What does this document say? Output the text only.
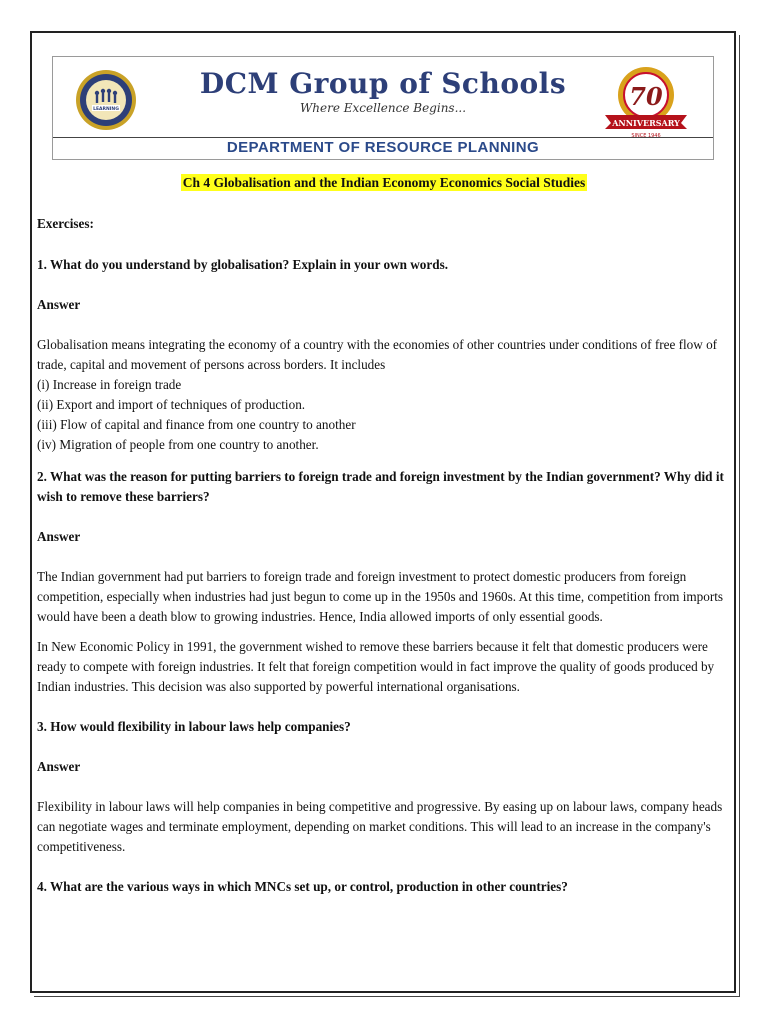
LEARNING
DCM Group of Schools
Where Excellence Begins...	70
ANNIVERSARY
SINCE 1946
DEPARTMENT OF RESOURCE PLANNING
Ch 4 Globalisation and the Indian Economy Economics Social Studies

Exercises:

1. What do you understand by globalisation? Explain in your own words.

Answer

Globalisation means integrating the economy of a country with the economies of other countries under conditions of free flow of trade, capital and movement of persons across borders. It includes

(i) Increase in foreign trade

(ii) Export and import of techniques of production.

(iii) Flow of capital and finance from one country to another

(iv) Migration of people from one country to another.

2. What was the reason for putting barriers to foreign trade and foreign investment by the Indian government? Why did it wish to remove these barriers?

Answer

The Indian government had put barriers to foreign trade and foreign investment to protect domestic producers from foreign competition, especially when industries had just begun to come up in the 1950s and 1960s. At this time, competition from imports would have been a death blow to growing industries. Hence, India allowed imports of only essential goods.

In New Economic Policy in 1991, the government wished to remove these barriers because it felt that domestic producers were ready to compete with foreign industries. It felt that foreign competition would in fact improve the quality of goods produced by Indian industries. This decision was also supported by powerful international organisations.

3. How would flexibility in labour laws help companies?

Answer

Flexibility in labour laws will help companies in being competitive and progressive. By easing up on labour laws, company heads can negotiate wages and terminate employment, depending on market conditions. This will lead to an increase in the company's competitiveness.

4. What are the various ways in which MNCs set up, or control, production in other countries?
